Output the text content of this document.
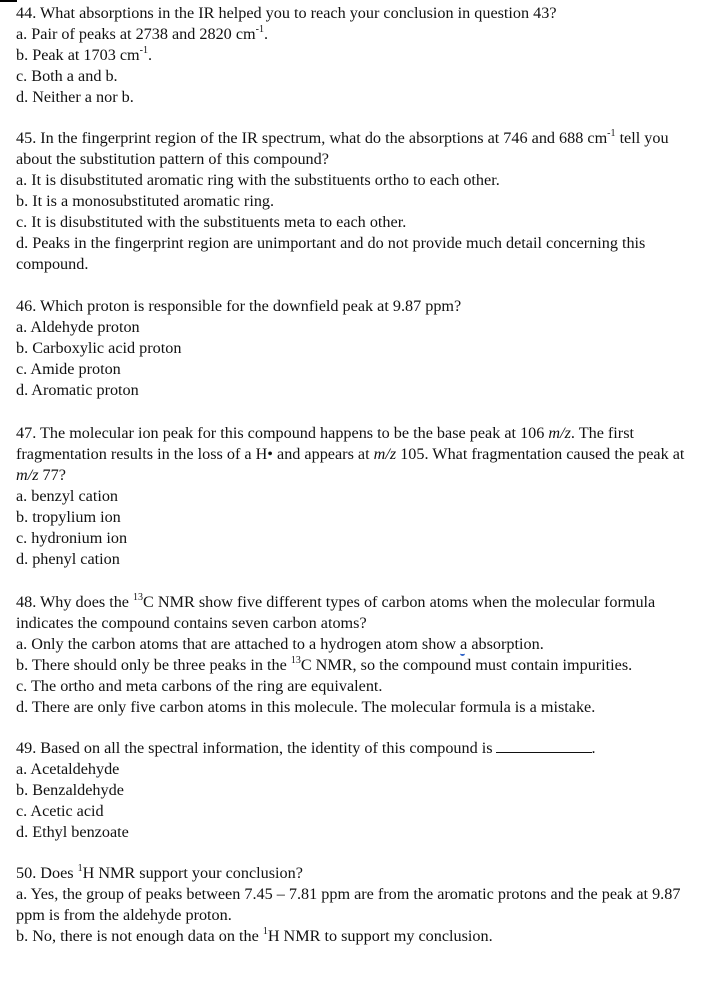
44. What absorptions in the IR helped you to reach your conclusion in question 43?
a. Pair of peaks at 2738 and 2820 $cm^{-1}$.
b. Peak at 1703 $cm^{-1}$.
c. Both a and b.
d. Neither a nor b.
45. In the fingerprint region of the IR spectrum, what do the absorptions at 746 and 688 $cm^{-1}$ tell you about the substitution pattern of this compound?
a. It is disubstituted aromatic ring with the substituents ortho to each other.
b. It is a monosubstituted aromatic ring.
c. It is disubstituted with the substituents meta to each other.
d. Peaks in the fingerprint region are unimportant and do not provide much detail concerning this compound.
46. Which proton is responsible for the downfield peak at 9.87 ppm?
a. Aldehyde proton
b. Carboxylic acid proton
c. Amide proton
d. Aromatic proton
47. The molecular ion peak for this compound happens to be the base peak at 106 m/z. The first fragmentation results in the loss of a H• and appears at m/z 105. What fragmentation caused the peak at m/z 77?
a. benzyl cation
b. tropylium ion
c. hydronium ion
d. phenyl cation
48. Why does the $^{13}$C NMR show five different types of carbon atoms when the molecular formula indicates the compound contains seven carbon atoms?
a. Only the carbon atoms that are attached to a hydrogen atom show a absorption.
b. There should only be three peaks in the $^{13}$C NMR, so the compound must contain impurities.
c. The ortho and meta carbons of the ring are equivalent.
d. There are only five carbon atoms in this molecule. The molecular formula is a mistake.
49. Based on all the spectral information, the identity of this compound is	.
a. Acetaldehyde
b. Benzaldehyde
c. Acetic acid
d. Ethyl benzoate
50. Does $^1$H NMR support your conclusion?
a. Yes, the group of peaks between 7.45 – 7.81 ppm are from the aromatic protons and the peak at 9.87 ppm is from the aldehyde proton.
b. No, there is not enough data on the $^1$H NMR to support my conclusion.
